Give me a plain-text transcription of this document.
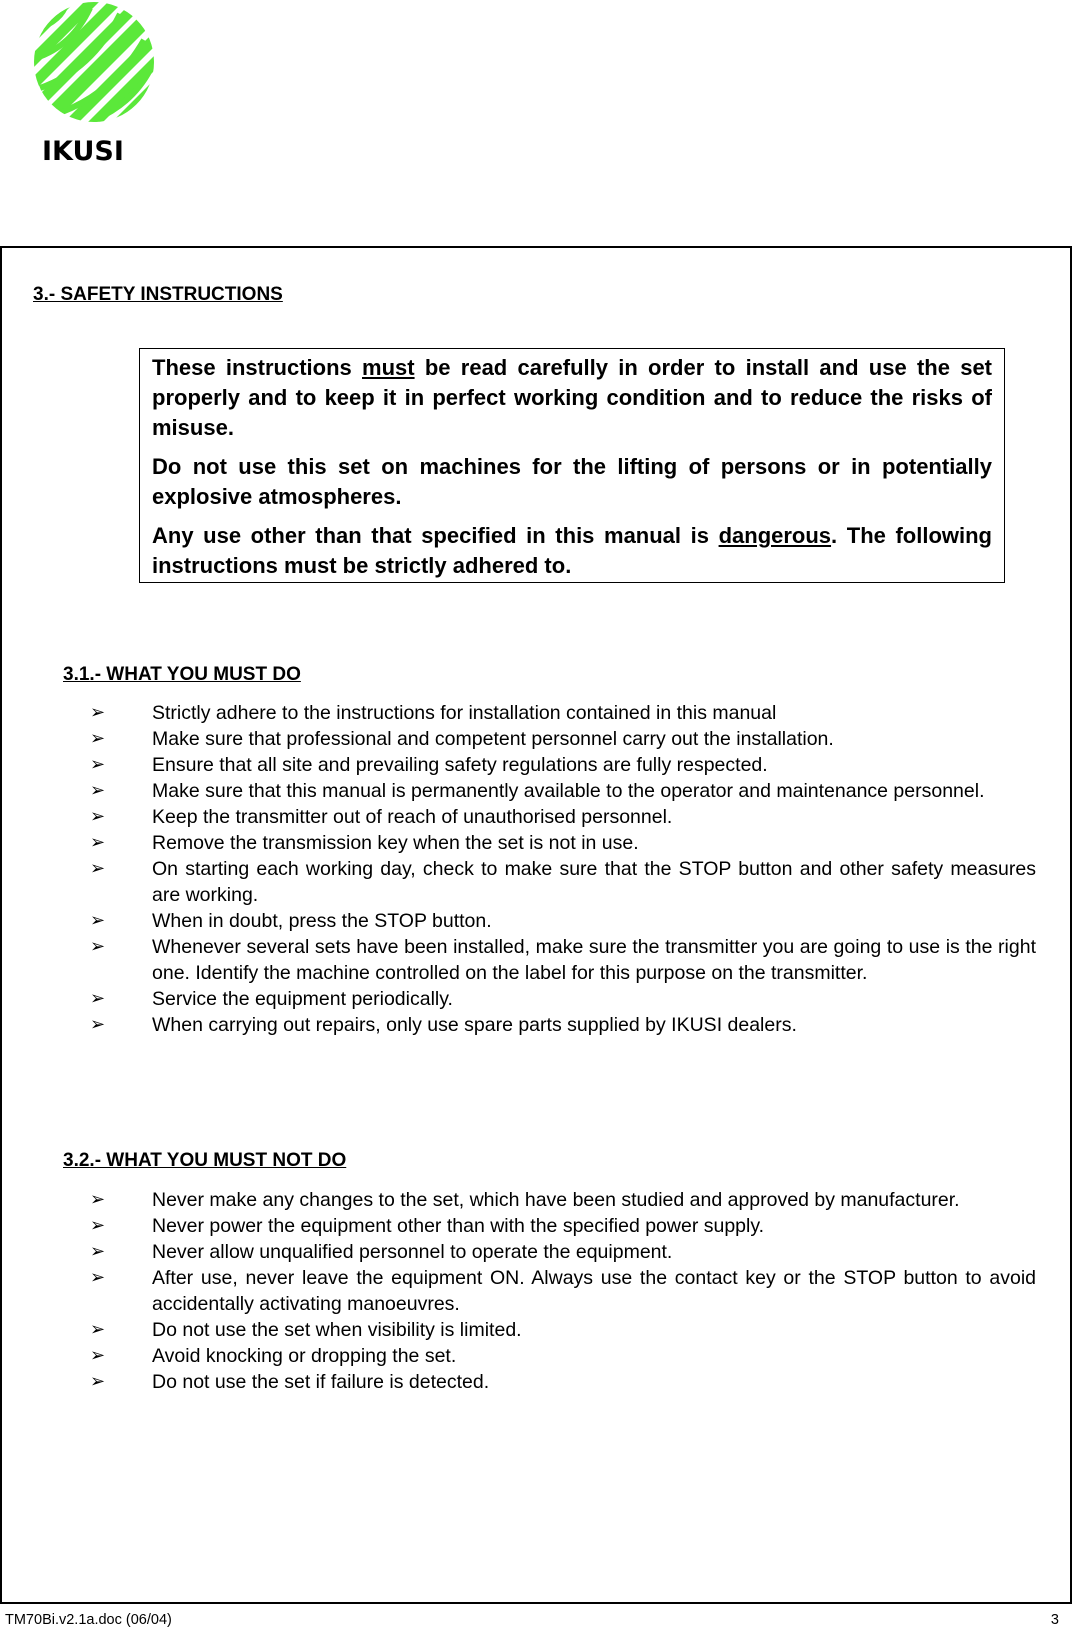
IKUSI
3.- SAFETY INSTRUCTIONS

These instructions must be read carefully in order to install and use the set properly and to keep it in perfect working condition and to reduce the risks of misuse.

Do not use this set on machines for the lifting of persons or in potentially explosive atmospheres.

Any use other than that specified in this manual is dangerous. The following instructions must be strictly adhered to.

3.1.- WHAT YOU MUST DO
➢ Strictly adhere to the instructions for installation contained in this manual
➢ Make sure that professional and competent personnel carry out the installation.
➢ Ensure that all site and prevailing safety regulations are fully respected.
➢ Make sure that this manual is permanently available to the operator and maintenance personnel.
➢ Keep the transmitter out of reach of unauthorised personnel.
➢ Remove the transmission key when the set is not in use.
➢ On starting each working day, check to make sure that the STOP button and other safety measures are working.
➢ When in doubt, press the STOP button.
➢ Whenever several sets have been installed, make sure the transmitter you are going to use is the right one. Identify the machine controlled on the label for this purpose on the transmitter.
➢ Service the equipment periodically.
➢ When carrying out repairs, only use spare parts supplied by IKUSI dealers.
3.2.- WHAT YOU MUST NOT DO
➢ Never make any changes to the set, which have been studied and approved by manufacturer.
➢ Never power the equipment other than with the specified power supply.
➢ Never allow unqualified personnel to operate the equipment.
➢ After use, never leave the equipment ON. Always use the contact key or the STOP button to avoid accidentally activating manoeuvres.
➢ Do not use the set when visibility is limited.
➢ Avoid knocking or dropping the set.
➢ Do not use the set if failure is detected.
TM70Bi.v2.1a.doc (06/04)	3
